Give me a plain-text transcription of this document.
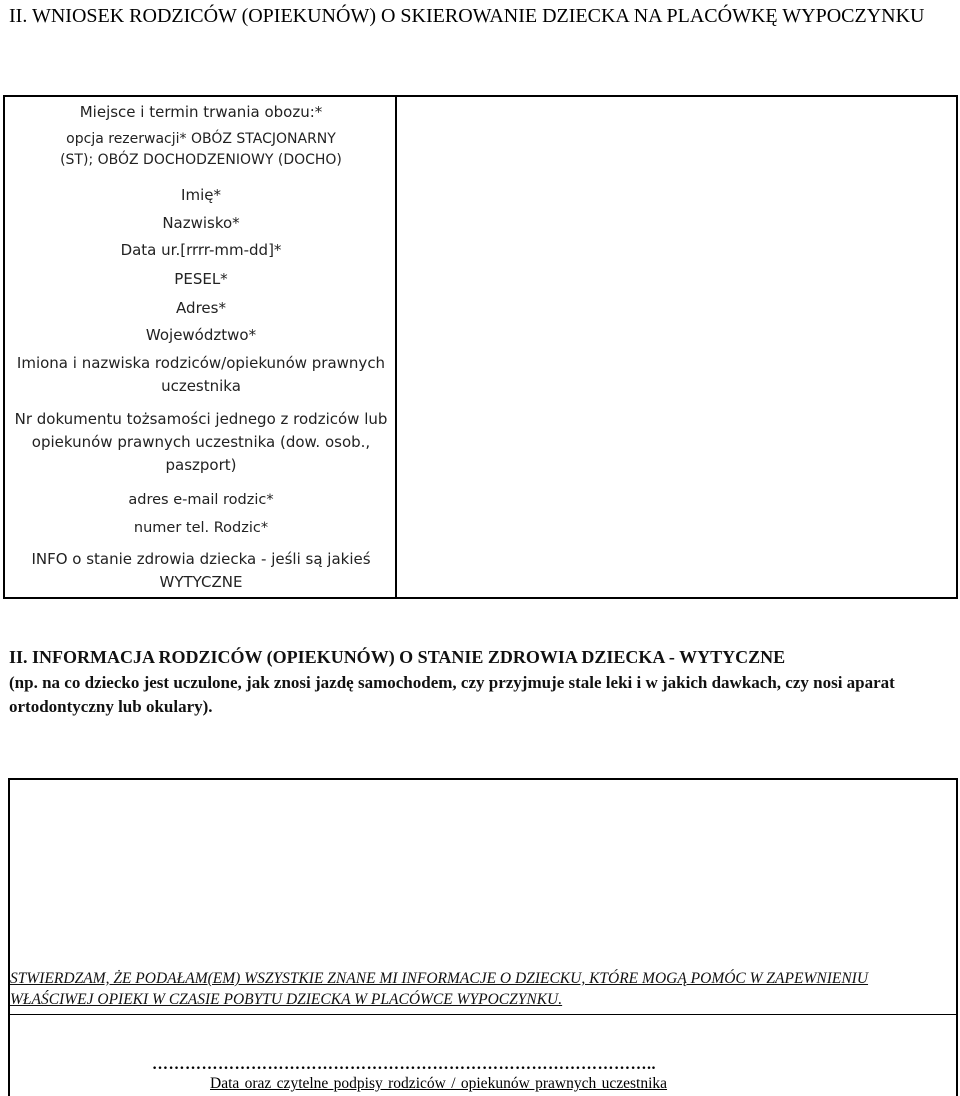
II. WNIOSEK RODZICÓW (OPIEKUNÓW) O SKIEROWANIE DZIECKA NA PLACÓWKĘ WYPOCZYNKU

Miejsce i termin trwania obozu:*

opcja rezerwacji* OBÓZ STACJONARNY (ST); OBÓZ DOCHODZENIOWY (DOCHO)

Imię*

Nazwisko*

Data ur.[rrrr-mm-dd]*

PESEL*

Adres*

Województwo*

Imiona i nazwiska rodziców/opiekunów prawnych uczestnika

Nr dokumentu tożsamości jednego z rodziców lub opiekunów prawnych uczestnika (dow. osob., paszport)

adres e-mail rodzic*

numer tel. Rodzic*

INFO o stanie zdrowia dziecka - jeśli są jakieś WYTYCZNE

II. INFORMACJA RODZICÓW (OPIEKUNÓW) O STANIE ZDROWIA DZIECKA - WYTYCZNE

(np. na co dziecko jest uczulone, jak znosi jazdę samochodem, czy przyjmuje stale leki i w jakich dawkach, czy nosi aparat ortodontyczny lub okulary).

STWIERDZAM, ŻE PODAŁAM(EM) WSZYSTKIE ZNANE MI INFORMACJE O DZIECKU, KTÓRE MOGĄ POMÓC W ZAPEWNIENIU WŁAŚCIWEJ OPIEKI W CZASIE POBYTU DZIECKA W PLACÓWCE WYPOCZYNKU.

………………………………………………………………………………..

Data oraz czytelne podpisy rodziców / opiekunów prawnych uczestnika
